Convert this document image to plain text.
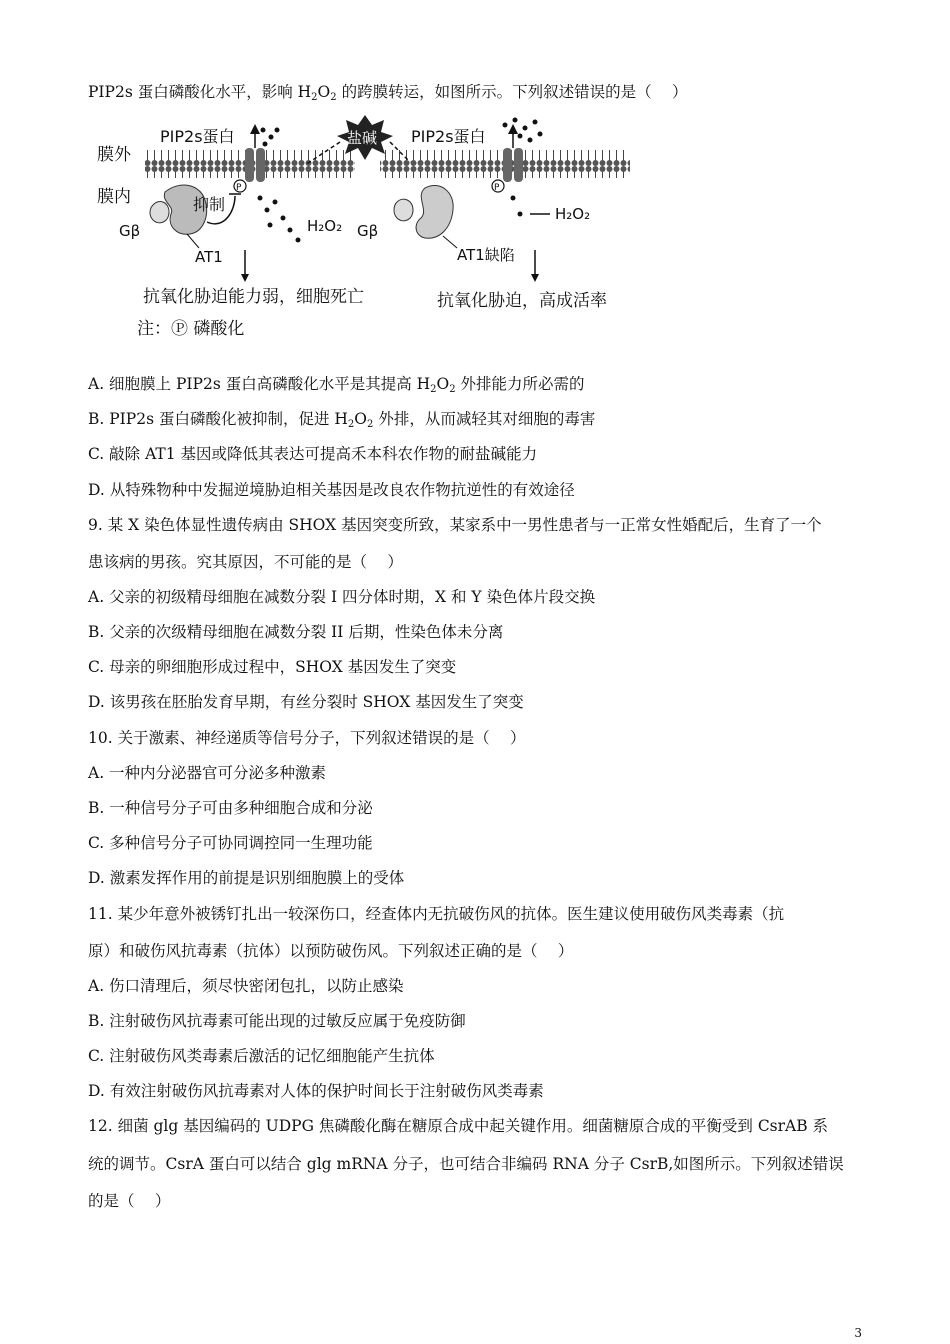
PIP2s 蛋白磷酸化水平，影响 $H_2O_2$ 的跨膜转运，如图所示。下列叙述错误的是（　 ）
膜外
膜内
PIP2s蛋白
P
H₂O₂
盐碱 PIP2s蛋白
P
H₂O₂
Gβ
AT1
抑制
Gβ
AT1缺陷
抗氧化胁迫能力弱，细胞死亡	抗氧化胁迫，高成活率
注：Ⓟ 磷酸化
A. 细胞膜上 PIP2s 蛋白高磷酸化水平是其提高 $H_2O_2$ 外排能力所必需的
B. PIP2s 蛋白磷酸化被抑制，促进 $H_2O_2$ 外排，从而减轻其对细胞的毒害
C. 敲除 AT1 基因或降低其表达可提高禾本科农作物的耐盐碱能力
D. 从特殊物种中发掘逆境胁迫相关基因是改良农作物抗逆性的有效途径
9. 某 X 染色体显性遗传病由 SHOX 基因突变所致，某家系中一男性患者与一正常女性婚配后，生育了一个
患该病的男孩。究其原因，不可能的是（　 ）
A. 父亲的初级精母细胞在减数分裂 I 四分体时期，X 和 Y 染色体片段交换
B. 父亲的次级精母细胞在减数分裂 II 后期，性染色体未分离
C. 母亲的卵细胞形成过程中，SHOX 基因发生了突变
D. 该男孩在胚胎发育早期，有丝分裂时 SHOX 基因发生了突变
10. 关于激素、神经递质等信号分子，下列叙述错误的是（　 ）
A. 一种内分泌器官可分泌多种激素
B. 一种信号分子可由多种细胞合成和分泌
C. 多种信号分子可协同调控同一生理功能
D. 激素发挥作用的前提是识别细胞膜上的受体
11. 某少年意外被锈钉扎出一较深伤口，经查体内无抗破伤风的抗体。医生建议使用破伤风类毒素（抗
原）和破伤风抗毒素（抗体）以预防破伤风。下列叙述正确的是（　 ）
A. 伤口清理后，须尽快密闭包扎，以防止感染
B. 注射破伤风抗毒素可能出现的过敏反应属于免疫防御
C. 注射破伤风类毒素后激活的记忆细胞能产生抗体
D. 有效注射破伤风抗毒素对人体的保护时间长于注射破伤风类毒素
12. 细菌 glg 基因编码的 UDPG 焦磷酸化酶在糖原合成中起关键作用。细菌糖原合成的平衡受到 CsrAB 系
统的调节。CsrA 蛋白可以结合 glg mRNA 分子，也可结合非编码 RNA 分子 CsrB,如图所示。下列叙述错误
的是（　 ）
3
